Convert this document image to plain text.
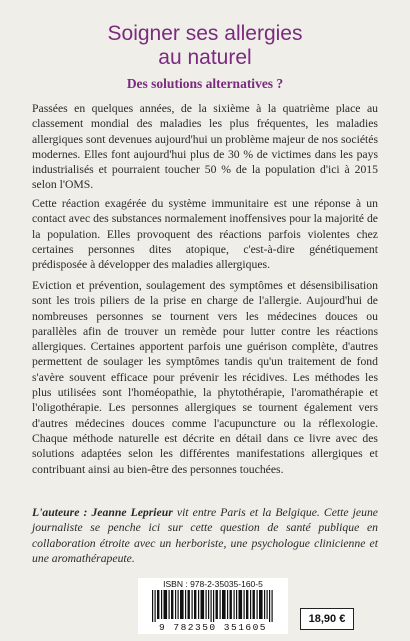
Soigner ses allergies
au naturel
Des solutions alternatives ?

Passées en quelques années, de la sixième à la quatrième place au classement mondial des maladies les plus fréquentes, les maladies allergiques sont devenues aujourd'hui un problème majeur de nos sociétés modernes. Elles font aujourd'hui plus de 30 % de victimes dans les pays industrialisés et pourraient toucher 50 % de la population d'ici à 2015 selon l'OMS.

Cette réaction exagérée du système immunitaire est une réponse à un contact avec des substances normalement inoffensives pour la majorité de la population. Elles provoquent des réactions parfois violentes chez certaines personnes dites atopique, c'est-à-dire génétiquement prédisposée à développer des maladies allergiques.

Eviction et prévention, soulagement des symptômes et désensibilisation sont les trois piliers de la prise en charge de l'allergie. Aujourd'hui de nombreuses personnes se tournent vers les médecines douces ou parallèles afin de trouver un remède pour lutter contre les réactions allergiques. Certaines apportent parfois une guérison complète, d'autres permettent de soulager les symptômes tandis qu'un traitement de fond s'avère souvent efficace pour prévenir les récidives. Les méthodes les plus utilisées sont l'homéopathie, la phytothérapie, l'aromathérapie et l'oligothérapie. Les personnes allergiques se tournent également vers d'autres médecines douces comme l'acupuncture ou la réflexologie. Chaque méthode naturelle est décrite en détail dans ce livre avec des solutions adaptées selon les différentes manifestations allergiques et contribuant ainsi au bien-être des personnes touchées.

L'auteure : Jeanne Leprieur vit entre Paris et la Belgique. Cette jeune journaliste se penche ici sur cette question de santé publique en collaboration étroite avec un herboriste, une psychologue clinicienne et une aromathérapeute.

ISBN : 978-2-35035-160-5
9 782350 351605
18,90 €
